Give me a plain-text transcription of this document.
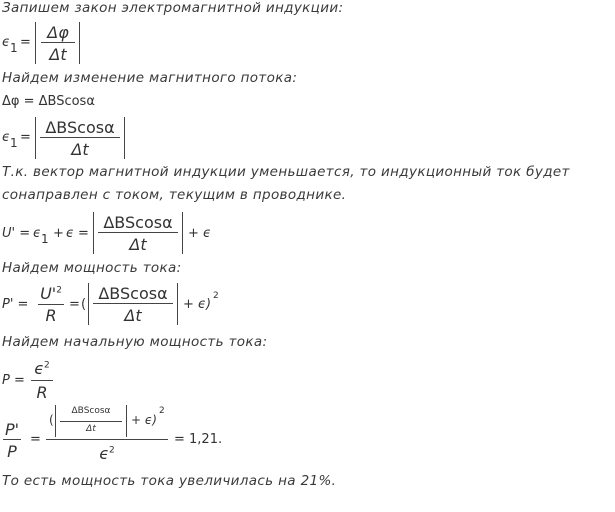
Запишем закон электромагнитной индукции:
ϵ 1 =
Δφ
Δt
Найдем изменение магнитного потока:
Δφ = ΔBScosα
ϵ 1 =
ΔBScosα
Δt
Т.к. вектор магнитной индукции уменьшается, то индукционный ток будет
сонаправлен с током, текущим в проводнике.
U' = ϵ 1 + ϵ =
ΔBScosα
Δt
+ ϵ
Найдем мощность тока:
P' =
$U'^2$
R
= (
ΔBScosα
Δt
+ ϵ)
2
Найдем начальную мощность тока:
P =
$\epsilon^2$
R
P'
P
=
(
ΔBScosα
Δt
+ ϵ)
2
$\epsilon^2$
= 1,21.
То есть мощность тока увеличилась на 21%.
